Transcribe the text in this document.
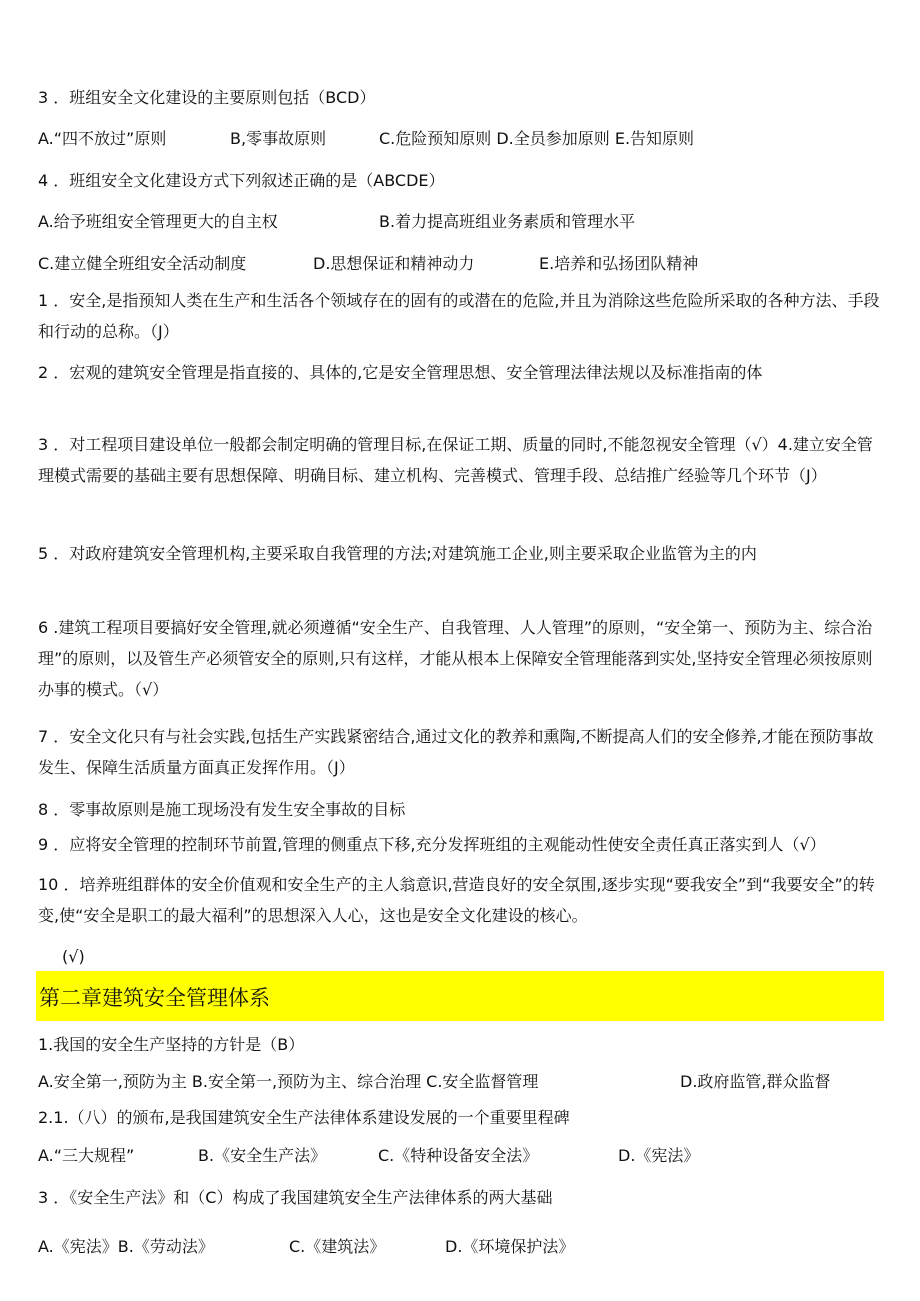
3 ．班组安全文化建设的主要原则包括（BCD）
A.“四不放过”原则	B,零事故原则	C.危险预知原则 D.全员参加原则 E.告知原则
4 ．班组安全文化建设方式下列叙述正确的是（ABCDE）
A.给予班组安全管理更大的自主权	B.着力提高班组业务素质和管理水平
C.建立健全班组安全活动制度	D.思想保证和精神动力	E.培养和弘扬团队精神
1 ．安全,是指预知人类在生产和生活各个领域存在的固有的或潜在的危险,并且为消除这些危险所采取的各种方法、手段和行动的总称。（J）
2 ．宏观的建筑安全管理是指直接的、具体的,它是安全管理思想、安全管理法律法规以及标准指南的体
3 ．对工程项目建设单位一般都会制定明确的管理目标,在保证工期、质量的同时,不能忽视安全管理（√）4.建立安全管理模式需要的基础主要有思想保障、明确目标、建立机构、完善模式、管理手段、总结推广经验等几个环节（J）
5 ．对政府建筑安全管理机构,主要采取自我管理的方法;对建筑施工企业,则主要采取企业监管为主的内
6 .建筑工程项目要搞好安全管理,就必须遵循“安全生产、自我管理、人人管理”的原则，“安全第一、预防为主、综合治理”的原则，以及管生产必须管安全的原则,只有这样，才能从根本上保障安全管理能落到实处,坚持安全管理必须按原则办事的模式。（√）
7 ．安全文化只有与社会实践,包括生产实践紧密结合,通过文化的教养和熏陶,不断提高人们的安全修养,才能在预防事故发生、保障生活质量方面真正发挥作用。（J）
8 ．零事故原则是施工现场没有发生安全事故的目标
9 ．应将安全管理的控制环节前置,管理的侧重点下移,充分发挥班组的主观能动性使安全责任真正落实到人（√）
10 ．培养班组群体的安全价值观和安全生产的主人翁意识,营造良好的安全氛围,逐步实现“要我安全”到“我要安全”的转变,使“安全是职工的最大福利”的思想深入人心，这也是安全文化建设的核心。
(√)
第二章建筑安全管理体系
1.我国的安全生产坚持的方针是（B）
A.安全第一,预防为主 B.安全第一,预防为主、综合治理 C.安全监督管理	D.政府监管,群众监督
2.1.（八）的颁布,是我国建筑安全生产法律体系建设发展的一个重要里程碑
A.“三大规程”	B.《安全生产法》	C.《特种设备安全法》	D.《宪法》
3 ．《安全生产法》和（C）构成了我国建筑安全生产法律体系的两大基础
A.《宪法》B.《劳动法》	C.《建筑法》	D.《环境保护法》
